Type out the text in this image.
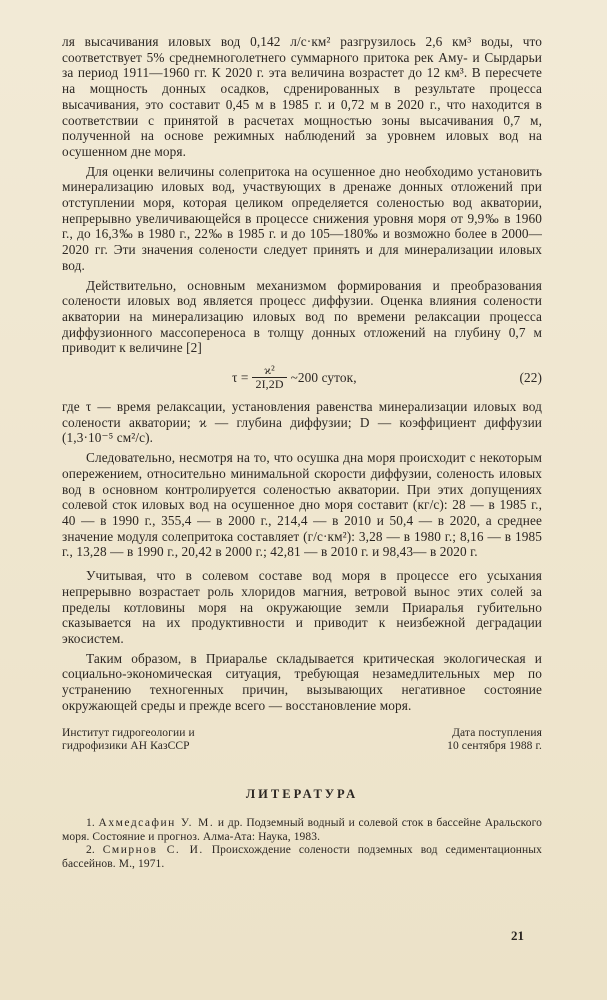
ля высачивания иловых вод 0,142 л/с·км² разгрузилось 2,6 км³ воды, что соответствует 5% среднемноголетнего суммарного притока рек Аму- и Сырдарьи за период 1911—1960 гг. К 2020 г. эта величина возрастет до 12 км³. В пересчете на мощность донных осадков, сдренированных в результате процесса высачивания, это составит 0,45 м в 1985 г. и 0,72 м в 2020 г., что находится в соответствии с принятой в расчетах мощностью зоны высачивания 0,7 м, полученной на основе режимных наблюдений за уровнем иловых вод на осушенном дне моря.

Для оценки величины солепритока на осушенное дно необходимо установить минерализацию иловых вод, участвующих в дренаже донных отложений при отступлении моря, которая целиком определяется соленостью вод акватории, непрерывно увеличивающейся в процессе снижения уровня моря от 9,9‰ в 1960 г., до 16,3‰ в 1980 г., 22‰ в 1985 г. и до 105—180‰ и возможно более в 2000—2020 гг. Эти значения солености следует принять и для минерализации иловых вод.

Действительно, основным механизмом формирования и преобразования солености иловых вод является процесс диффузии. Оценка влияния солености акватории на минерализацию иловых вод по времени релаксации процесса диффузионного массопереноса в толщу донных отложений на глубину 0,7 м приводит к величине [2]

$\tau = \frac{\text{ϰ²}}{2I,2D}$ ~200 суток,	(22)

где τ — время релаксации, установления равенства минерализации иловых вод солености акватории; ϰ — глубина диффузии; D — коэффициент диффузии (1,3·10⁻⁵ см²/с).

Следовательно, несмотря на то, что осушка дна моря происходит с некоторым опережением, относительно минимальной скорости диффузии, соленость иловых вод в основном контролируется соленостью акватории. При этих допущениях солевой сток иловых вод на осушенное дно моря составит (кг/с): 28 — в 1985 г., 40 — в 1990 г., 355,4 — в 2000 г., 214,4 — в 2010 и 50,4 — в 2020, а среднее значение модуля солепритока составляет (г/с·км²): 3,28 — в 1980 г.; 8,16 — в 1985 г., 13,28 — в 1990 г., 20,42 в 2000 г.; 42,81 — в 2010 г. и 98,43— в 2020 г.

Учитывая, что в солевом составе вод моря в процессе его усыхания непрерывно возрастает роль хлоридов магния, ветровой вынос этих солей за пределы котловины моря на окружающие земли Приаралья губительно сказывается на их продуктивности и приводит к неизбежной деградации экосистем.

Таким образом, в Приаралье складывается критическая экологическая и социально-экономическая ситуация, требующая незамедлительных мер по устранению техногенных причин, вызывающих негативное состояние окружающей среды и прежде всего — восстановление моря.

Институт гидрогеологии и
гидрофизики АН КазССР
Дата поступления
10 сентября 1988 г.
ЛИТЕРАТУРА

1. Ахмедсафин У. М. и др. Подземный водный и солевой сток в бассейне Аральского моря. Состояние и прогноз. Алма-Ата: Наука, 1983.

2. Смирнов С. И. Происхождение солености подземных вод седиментационных бассейнов. М., 1971.

21
